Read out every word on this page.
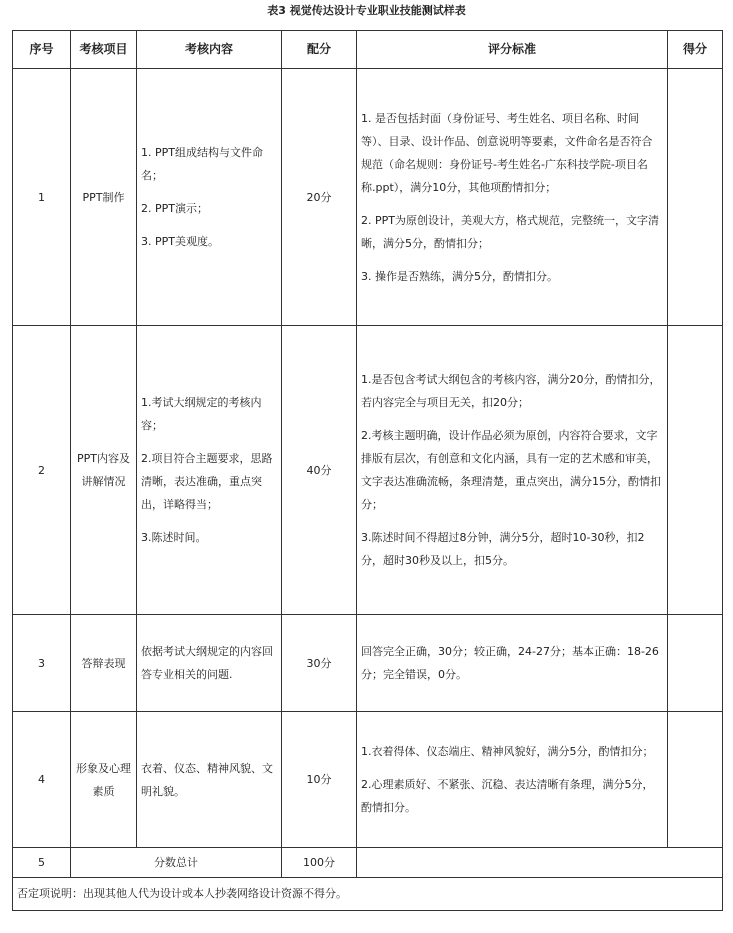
表3 视觉传达设计专业职业技能测试样表
序号	考核项目	考核内容	配分	评分标准	得分
1	PPT制作	1. PPT组成结构与文件命名；
2. PPT演示；
3. PPT美观度。	20分	1. 是否包括封面（身份证号、考生姓名、项目名称、时间等）、目录、设计作品、创意说明等要素，文件命名是否符合规范（命名规则：身份证号-考生姓名-广东科技学院-项目名称.ppt），满分10分，其他项酌情扣分；
2. PPT为原创设计，美观大方，格式规范，完整统一，文字清晰，满分5分，酌情扣分；
3. 操作是否熟练，满分5分，酌情扣分。	

2	PPT内容及讲解情况	1.考试大纲规定的考核内容；
2.项目符合主题要求，思路清晰，表达准确，重点突出，详略得当；
3.陈述时间。	40分	1.是否包含考试大纲包含的考核内容，满分20分，酌情扣分，若内容完全与项目无关，扣20分；
2.考核主题明确，设计作品必须为原创，内容符合要求，文字排版有层次，有创意和文化内涵，具有一定的艺术感和审美，文字表达准确流畅，条理清楚，重点突出，满分15分，酌情扣分；
3.陈述时间不得超过8分钟，满分5分，超时10-30秒，扣2分，超时30秒及以上，扣5分。	

3	答辩表现	依据考试大纲规定的内容回答专业相关的问题.	30分	回答完全正确，30分；较正确，24-27分；基本正确：18-26分；完全错误，0分。	

4	形象及心理素质	衣着、仪态、精神风貌、文明礼貌。	10分	1.衣着得体、仪态端庄、精神风貌好，满分5分，酌情扣分；
2.心理素质好、不紧张、沉稳、表达清晰有条理，满分5分，酌情扣分。	

5	分数总计		100分		
否定项说明：出现其他人代为设计或本人抄袭网络设计资源不得分。					
